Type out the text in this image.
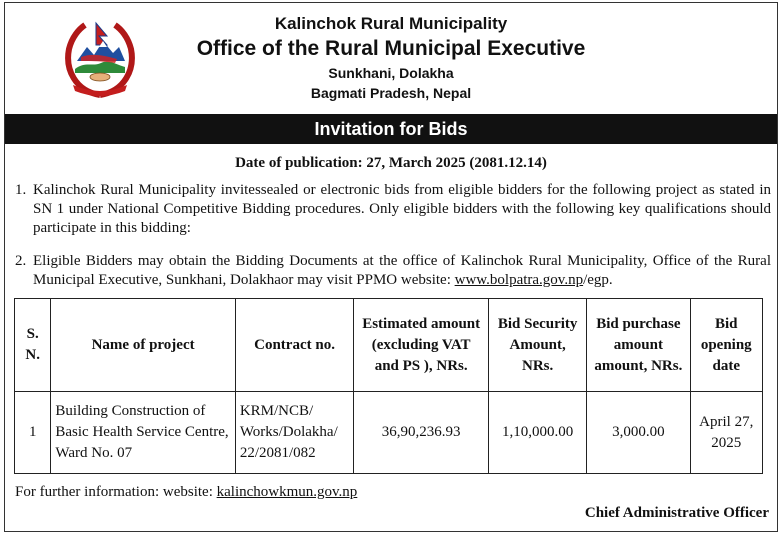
Kalinchok Rural Municipality
Office of the Rural Municipal Executive
Sunkhani, Dolakha
Bagmati Pradesh, Nepal
Invitation for Bids
Date of publication: 27, March 2025 (2081.12.14)
1. Kalinchok Rural Municipality invitessealed or electronic bids from eligible bidders for the following project as stated in SN 1 under National Competitive Bidding procedures. Only eligible bidders with the following key qualifications should participate in this bidding:
2. Eligible Bidders may obtain the Bidding Documents at the office of Kalinchok Rural Municipality, Office of the Rural Municipal Executive, Sunkhani, Dolakhaor may visit PPMO website: www.bolpatra.gov.np/egp.
S. N.	Name of project	Contract no.	Estimated amount (excluding VAT and PS ), NRs.	Bid Security Amount, NRs.	Bid purchase amount amount, NRs.	Bid opening date
1	Building Construction of Basic Health Service Centre, Ward No. 07	KRM/NCB/ Works/Dolakha/ 22/2081/082	36,90,236.93	1,10,000.00	3,000.00	April 27, 2025
For further information: website: kalinchowkmun.gov.np
Chief Administrative Officer
